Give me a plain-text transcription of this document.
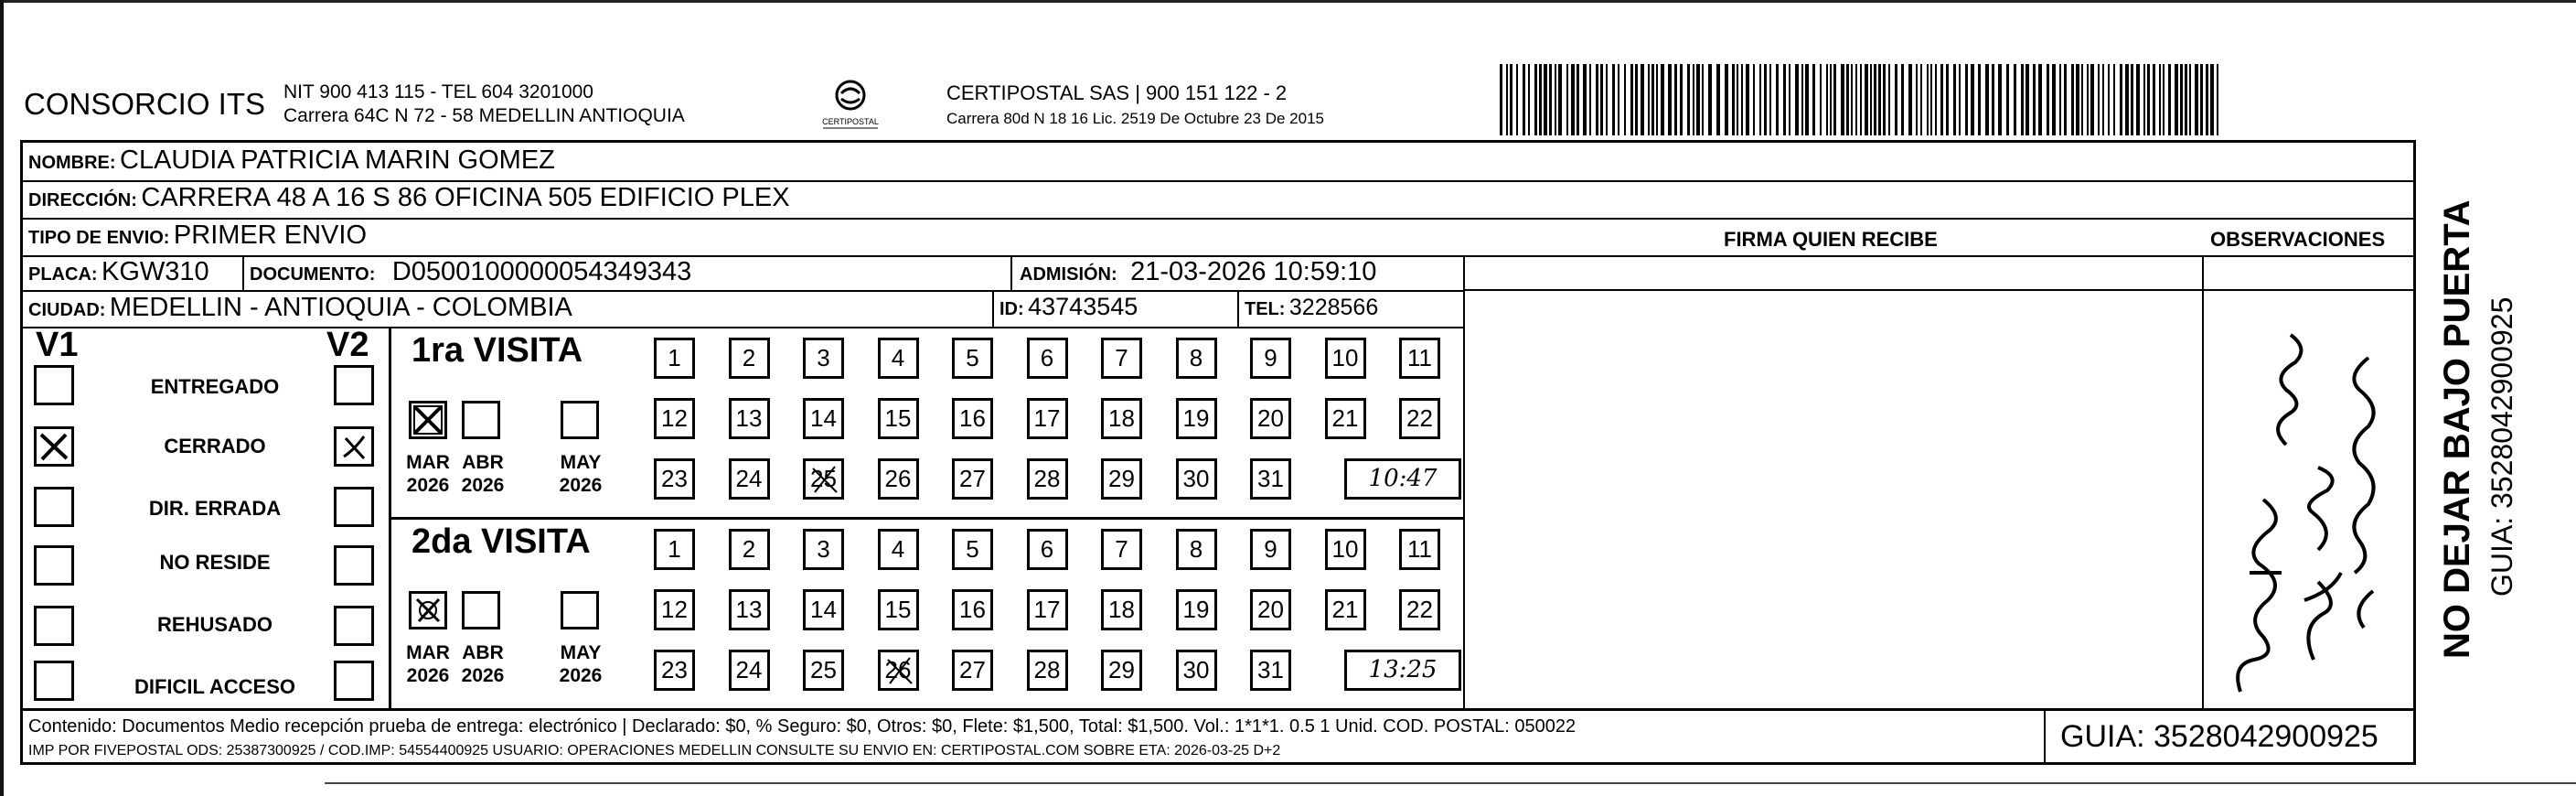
CONSORCIO ITS NIT 900 413 115 - TEL 604 3201000
Carrera 64C N 72 - 58 MEDELLIN ANTIOQUIA	CERTIPOSTAL
CERTIPOSTAL SAS | 900 151 122 - 2
Carrera 80d N 18 16 Lic. 2519 De Octubre 23 De 2015
NOMBRE: CLAUDIA PATRICIA MARIN GOMEZ
DIRECCIÓN: CARRERA 48 A 16 S 86 OFICINA 505 EDIFICIO PLEX
TIPO DE ENVIO: PRIMER ENVIO	FIRMA QUIEN RECIBE	OBSERVACIONES
PLACA: KGW310 DOCUMENTO: D0500100000054349343	ADMISIÓN: 21-03-2026 10:59:10
CIUDAD: MEDELLIN - ANTIOQUIA - COLOMBIA	ID: 43743545	TEL: 3228566
V1	V2
ENTREGADO
CERRADO
DIR. ERRADA
NO RESIDE
REHUSADO
DIFICIL ACCESO
1ra VISITA
MAR
2026
ABR
2026
MAY
2026
1	2	3	4	5	6	7	8	9	10	11
12	13	14	15	16	17	18	19	20	21	22
23	24	25	26	27	28	29	30	31	10:47
2da VISITA
MAR
2026
ABR
2026
MAY
2026
1	2	3	4	5	6	7	8	9	10	11
12	13	14	15	16	17	18	19	20	21	22
23	24	25	26	27	28	29	30	31	13:25
Contenido: Documentos Medio recepción prueba de entrega: electrónico | Declarado: $0, % Seguro: $0, Otros: $0, Flete: $1,500, Total: $1,500. Vol.: 1*1*1. 0.5 1 Unid. COD. POSTAL: 050022
IMP POR FIVEPOSTAL ODS: 25387300925 / COD.IMP: 54554400925 USUARIO: OPERACIONES MEDELLIN CONSULTE SU ENVIO EN: CERTIPOSTAL.COM SOBRE ETA: 2026-03-25 D+2	GUIA: 3528042900925
NO DEJAR BAJO PUERTA GUIA: 3528042900925
